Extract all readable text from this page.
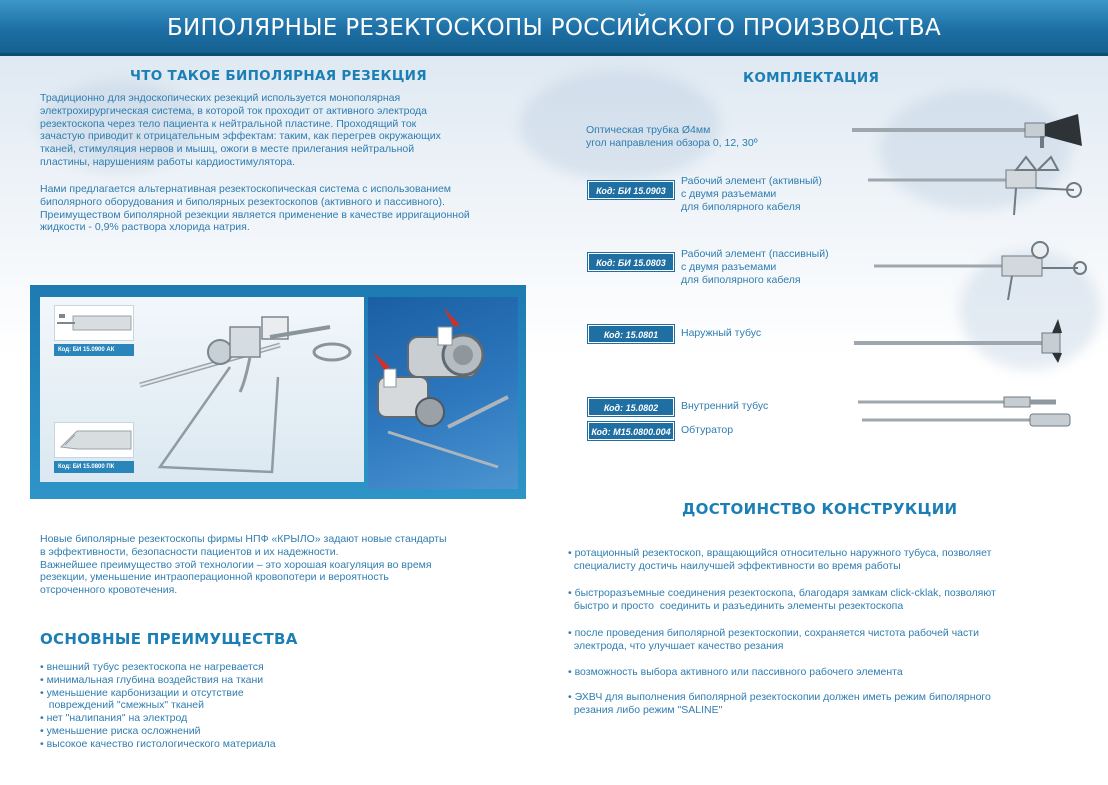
БИПОЛЯРНЫЕ РЕЗЕКТОСКОПЫ РОССИЙСКОГО ПРОИЗВОДСТВА
ЧТО ТАКОЕ БИПОЛЯРНАЯ РЕЗЕКЦИЯ
Традиционно для эндоскопических резекций используется монополярная
электрохирургическая система, в которой ток проходит от активного электрода
резектоскопа через тело пациента к нейтральной пластине. Проходящий ток
зачастую приводит к отрицательным эффектам: таким, как перегрев окружающих
тканей, стимуляция нервов и мышц, ожоги в месте прилегания нейтральной
пластины, нарушениям работы кардиостимулятора.
Нами предлагается альтернативная резектоскопическая система с использованием
биполярного оборудования и биполярных резектоскопов (активного и пассивного).
Преимуществом биполярной резекции является применение в качестве ирригационной
жидкости - 0,9% раствора хлорида натрия.
Код: БИ 15.0900 АК
Код: БИ 15.0800 ПК
Новые биполярные резектоскопы фирмы НПФ «КРЫЛО» задают новые стандарты
в эффективности, безопасности пациентов и их надежности.
Важнейшее преимущество этой технологии – это хорошая коагуляция во время
резекции, уменьшение интраоперационной кровопотери и вероятность
отсроченного кровотечения.
ОСНОВНЫЕ ПРЕИМУЩЕСТВА
• внешний тубус резектоскопа не нагревается
• минимальная глубина воздействия на ткани
• уменьшение карбонизации и отсутствие
повреждений "смежных" тканей
• нет "налипания" на электрод
• уменьшение риска осложнений
• высокое качество гистологического материала
КОМПЛЕКТАЦИЯ
Оптическая трубка Ø4мм
угол направления обзора 0, 12, 30º
Код: БИ 15.0903
Рабочий элемент (активный)
с двумя разъемами
для биполярного кабеля
Код: БИ 15.0803
Рабочий элемент (пассивный)
с двумя разъемами
для биполярного кабеля
Код: 15.0801	Наружный тубус
Код: 15.0802	Внутренний тубус
Код: М15.0800.004 Обтуратор
ДОСТОИНСТВО КОНСТРУКЦИИ
• ротационный резектоскоп, вращающийся относительно наружного тубуса, позволяет
специалисту достичь наилучшей эффективности во время работы
• быстроразъемные соединения резектоскопа, благодаря замкам click-cklak, позволяют
быстро и просто  соединить и разъединить элементы резектоскопа
• после проведения биполярной резектоскопии, сохраняется чистота рабочей части
электрода, что улучшает качество резания
• возможность выбора активного или пассивного рабочего элемента
• ЭХВЧ для выполнения биполярной резектоскопии должен иметь режим биполярного
резания либо режим "SALINE"
